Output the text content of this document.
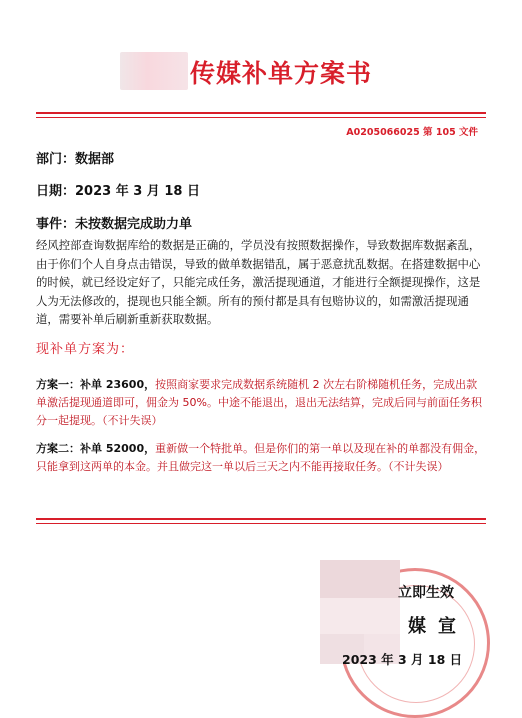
传媒补单方案书
A0205066025 第 105 文件
部门：数据部
日期：2023 年 3 月 18 日
事件：未按数据完成助力单
经风控部查询数据库给的数据是正确的，学员没有按照数据操作，导致数据库数据紊乱，由于你们个人自身点击错误，导致的做单数据错乱，属于恶意扰乱数据。在搭建数据中心的时候，就已经设定好了，只能完成任务，激活提现通道，才能进行全额提现操作，这是人为无法修改的，提现也只能全额。所有的预付都是具有包赔协议的，如需激活提现通道，需要补单后刷新重新获取数据。
现补单方案为：
方案一：补单 23600，按照商家要求完成数据系统随机 2 次左右阶梯随机任务，完成出款单激活提现通道即可，佣金为 50%。中途不能退出，退出无法结算，完成后同与前面任务积分一起提现。（不计失误）
方案二：补单 52000，重新做一个特批单。但是你们的第一单以及现在补的单都没有佣金，只能拿到这两单的本金。并且做完这一单以后三天之内不能再接取任务。（不计失误）
立即生效
媒宣
2023 年 3 月 18 日
